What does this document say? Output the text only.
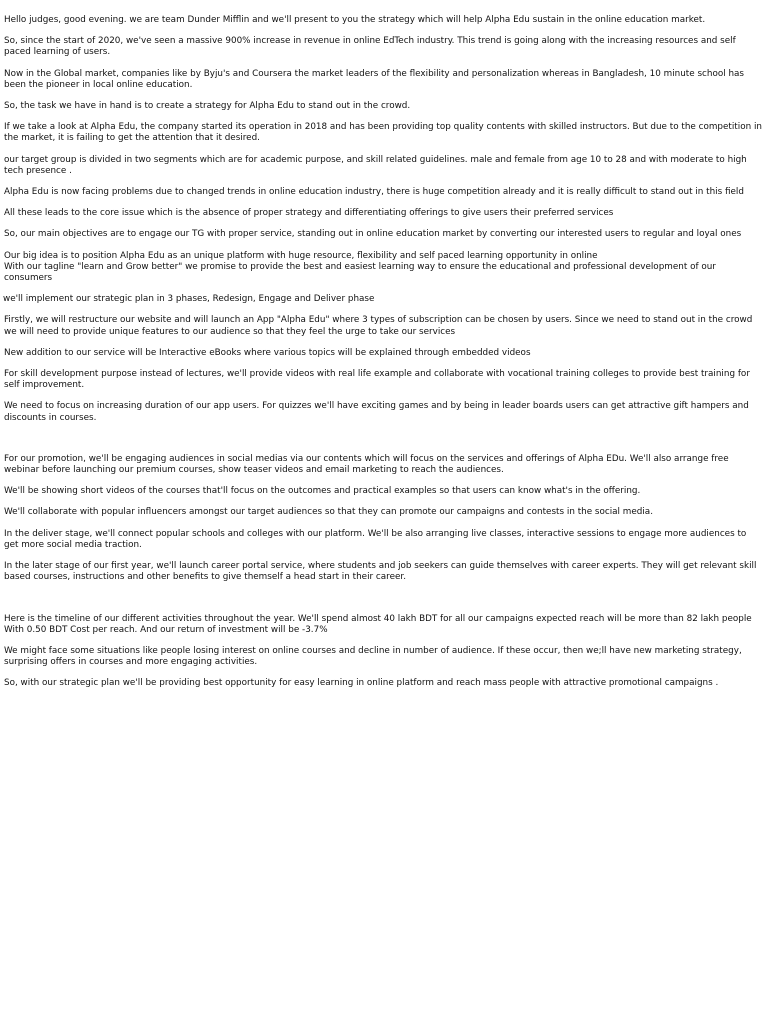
Hello judges, good evening. we are team Dunder Mifflin and we'll present to you the strategy which will help Alpha Edu sustain in the online education market.

So, since the start of 2020, we've seen a massive 900% increase in revenue in online EdTech industry. This trend is going along with the increasing resources and self paced learning of users.

Now in the Global market, companies like by Byju's and Coursera the market leaders of the flexibility and personalization whereas in Bangladesh, 10 minute school has been the pioneer in local online education.

So, the task we have in hand is to create a strategy for Alpha Edu to stand out in the crowd.

If we take a look at Alpha Edu, the company started its operation in 2018 and has been providing top quality contents with skilled instructors. But due to the competition in the market, it is failing to get the attention that it desired.

our target group is divided in two segments which are for academic purpose, and skill related guidelines. male and female from age 10 to 28 and with moderate to high tech presence .

Alpha Edu is now facing problems due to changed trends in online education industry, there is huge competition already and it is really difficult to stand out in this field

All these leads to the core issue which is the absence of proper strategy and differentiating offerings to give users their preferred services

So, our main objectives are to engage our TG with proper service, standing out in online education market by converting our interested users to regular and loyal ones

Our big idea is to position Alpha Edu as an unique platform with huge resource, flexibility and self paced learning opportunity in online

With our tagline "learn and Grow better" we promise to provide the best and easiest learning way to ensure the educational and professional development of our consumers

we'll implement our strategic plan in 3 phases, Redesign, Engage and Deliver phase

Firstly, we will restructure our website and will launch an App "Alpha Edu" where 3 types of subscription can be chosen by users. Since we need to stand out in the crowd we will need to provide unique features to our audience so that they feel the urge to take our services

New addition to our service will be Interactive eBooks where various topics will be explained through embedded videos

For skill development purpose instead of lectures, we'll provide videos with real life example and collaborate with vocational training colleges to provide best training for self improvement.

We need to focus on increasing duration of our app users. For quizzes we'll have exciting games and by being in leader boards users can get attractive gift hampers and discounts in courses.

For our promotion, we'll be engaging audiences in social medias via our contents which will focus on the services and offerings of Alpha EDu. We'll also arrange free webinar before launching our premium courses, show teaser videos and email marketing to reach the audiences.

We'll be showing short videos of the courses that'll focus on the outcomes and practical examples so that users can know what's in the offering.

We'll collaborate with popular influencers amongst our target audiences so that they can promote our campaigns and contests in the social media.

In the deliver stage, we'll connect popular schools and colleges with our platform. We'll be also arranging live classes, interactive sessions to engage more audiences to get more social media traction.

In the later stage of our first year, we'll launch career portal service, where students and job seekers can guide themselves with career experts. They will get relevant skill based courses, instructions and other benefits to give themself a head start in their career.

Here is the timeline of our different activities throughout the year. We'll spend almost 40 lakh BDT for all our campaigns expected reach will be more than 82 lakh people With 0.50 BDT Cost per reach. And our return of investment will be -3.7%

We might face some situations like people losing interest on online courses and decline in number of audience. If these occur, then we;ll have new marketing strategy, surprising offers in courses and more engaging activities.

So, with our strategic plan we'll be providing best opportunity for easy learning in online platform and reach mass people with attractive promotional campaigns .
